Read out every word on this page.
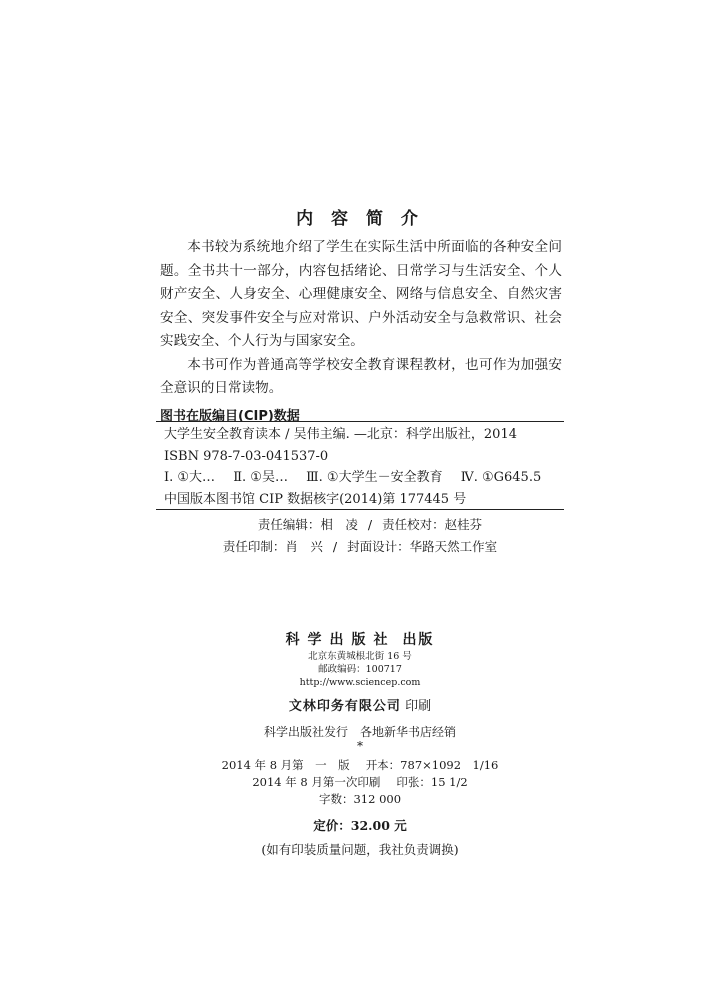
内 容 简 介

本书较为系统地介绍了学生在实际生活中所面临的各种安全问题。全书共十一部分，内容包括绪论、日常学习与生活安全、个人财产安全、人身安全、心理健康安全、网络与信息安全、自然灾害安全、突发事件安全与应对常识、户外活动安全与急救常识、社会实践安全、个人行为与国家安全。

本书可作为普通高等学校安全教育课程教材，也可作为加强安全意识的日常读物。

图书在版编目(CIP)数据
大学生安全教育读本 / 吴伟主编. —北京：科学出版社，2014
ISBN 978-7-03-041537-0
Ⅰ. ①大… Ⅱ. ①吴… Ⅲ. ①大学生－安全教育 Ⅳ. ①G645.5
中国版本图书馆 CIP 数据核字(2014)第 177445 号
责任编辑：相　凌 / 责任校对：赵桂芬
责任印制：肖　兴 / 封面设计：华路天然工作室
科学出版社 出版
北京东黄城根北街 16 号
邮政编码：100717
http://www.sciencep.com
文林印务有限公司 印刷
科学出版社发行　各地新华书店经销
*
2014 年 8 月第　一　版 开本：787×1092　1/16
2014 年 8 月第一次印刷 印张：15 1/2
字数：312 000
定价：32.00 元
(如有印装质量问题，我社负责调换)
